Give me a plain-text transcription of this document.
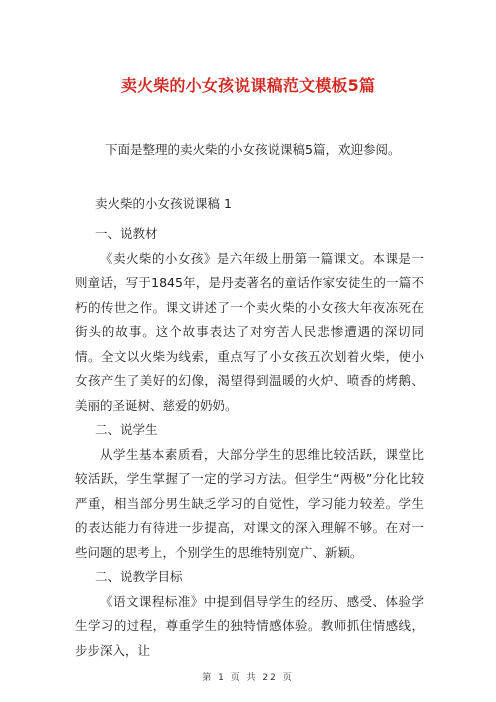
卖火柴的小女孩说课稿范文模板5篇
下面是整理的卖火柴的小女孩说课稿5篇，欢迎参阅。
卖火柴的小女孩说课稿 1

一、说教材

《卖火柴的小女孩》是六年级上册第一篇课文。本课是一则童话，写于1845年，是丹麦著名的童话作家安徒生的一篇不朽的传世之作。课文讲述了一个卖火柴的小女孩大年夜冻死在街头的故事。这个故事表达了对穷苦人民悲惨遭遇的深切同情。全文以火柴为线索，重点写了小女孩五次划着火柴，使小女孩产生了美好的幻像，渴望得到温暖的火炉、喷香的烤鹅、美丽的圣诞树、慈爱的奶奶。

二、说学生

从学生基本素质看，大部分学生的思维比较活跃，课堂比较活跃，学生掌握了一定的学习方法。但学生“两极”分化比较严重，相当部分男生缺乏学习的自觉性，学习能力较差。学生的表达能力有待进一步提高，对课文的深入理解不够。在对一些问题的思考上，个别学生的思维特别宽广、新颖。

二、说教学目标

《语文课程标准》中提到倡导学生的经历、感受、体验学生学习的过程，尊重学生的独特情感体验。教师抓住情感线，步步深入，让

第 1 页 共 22 页
